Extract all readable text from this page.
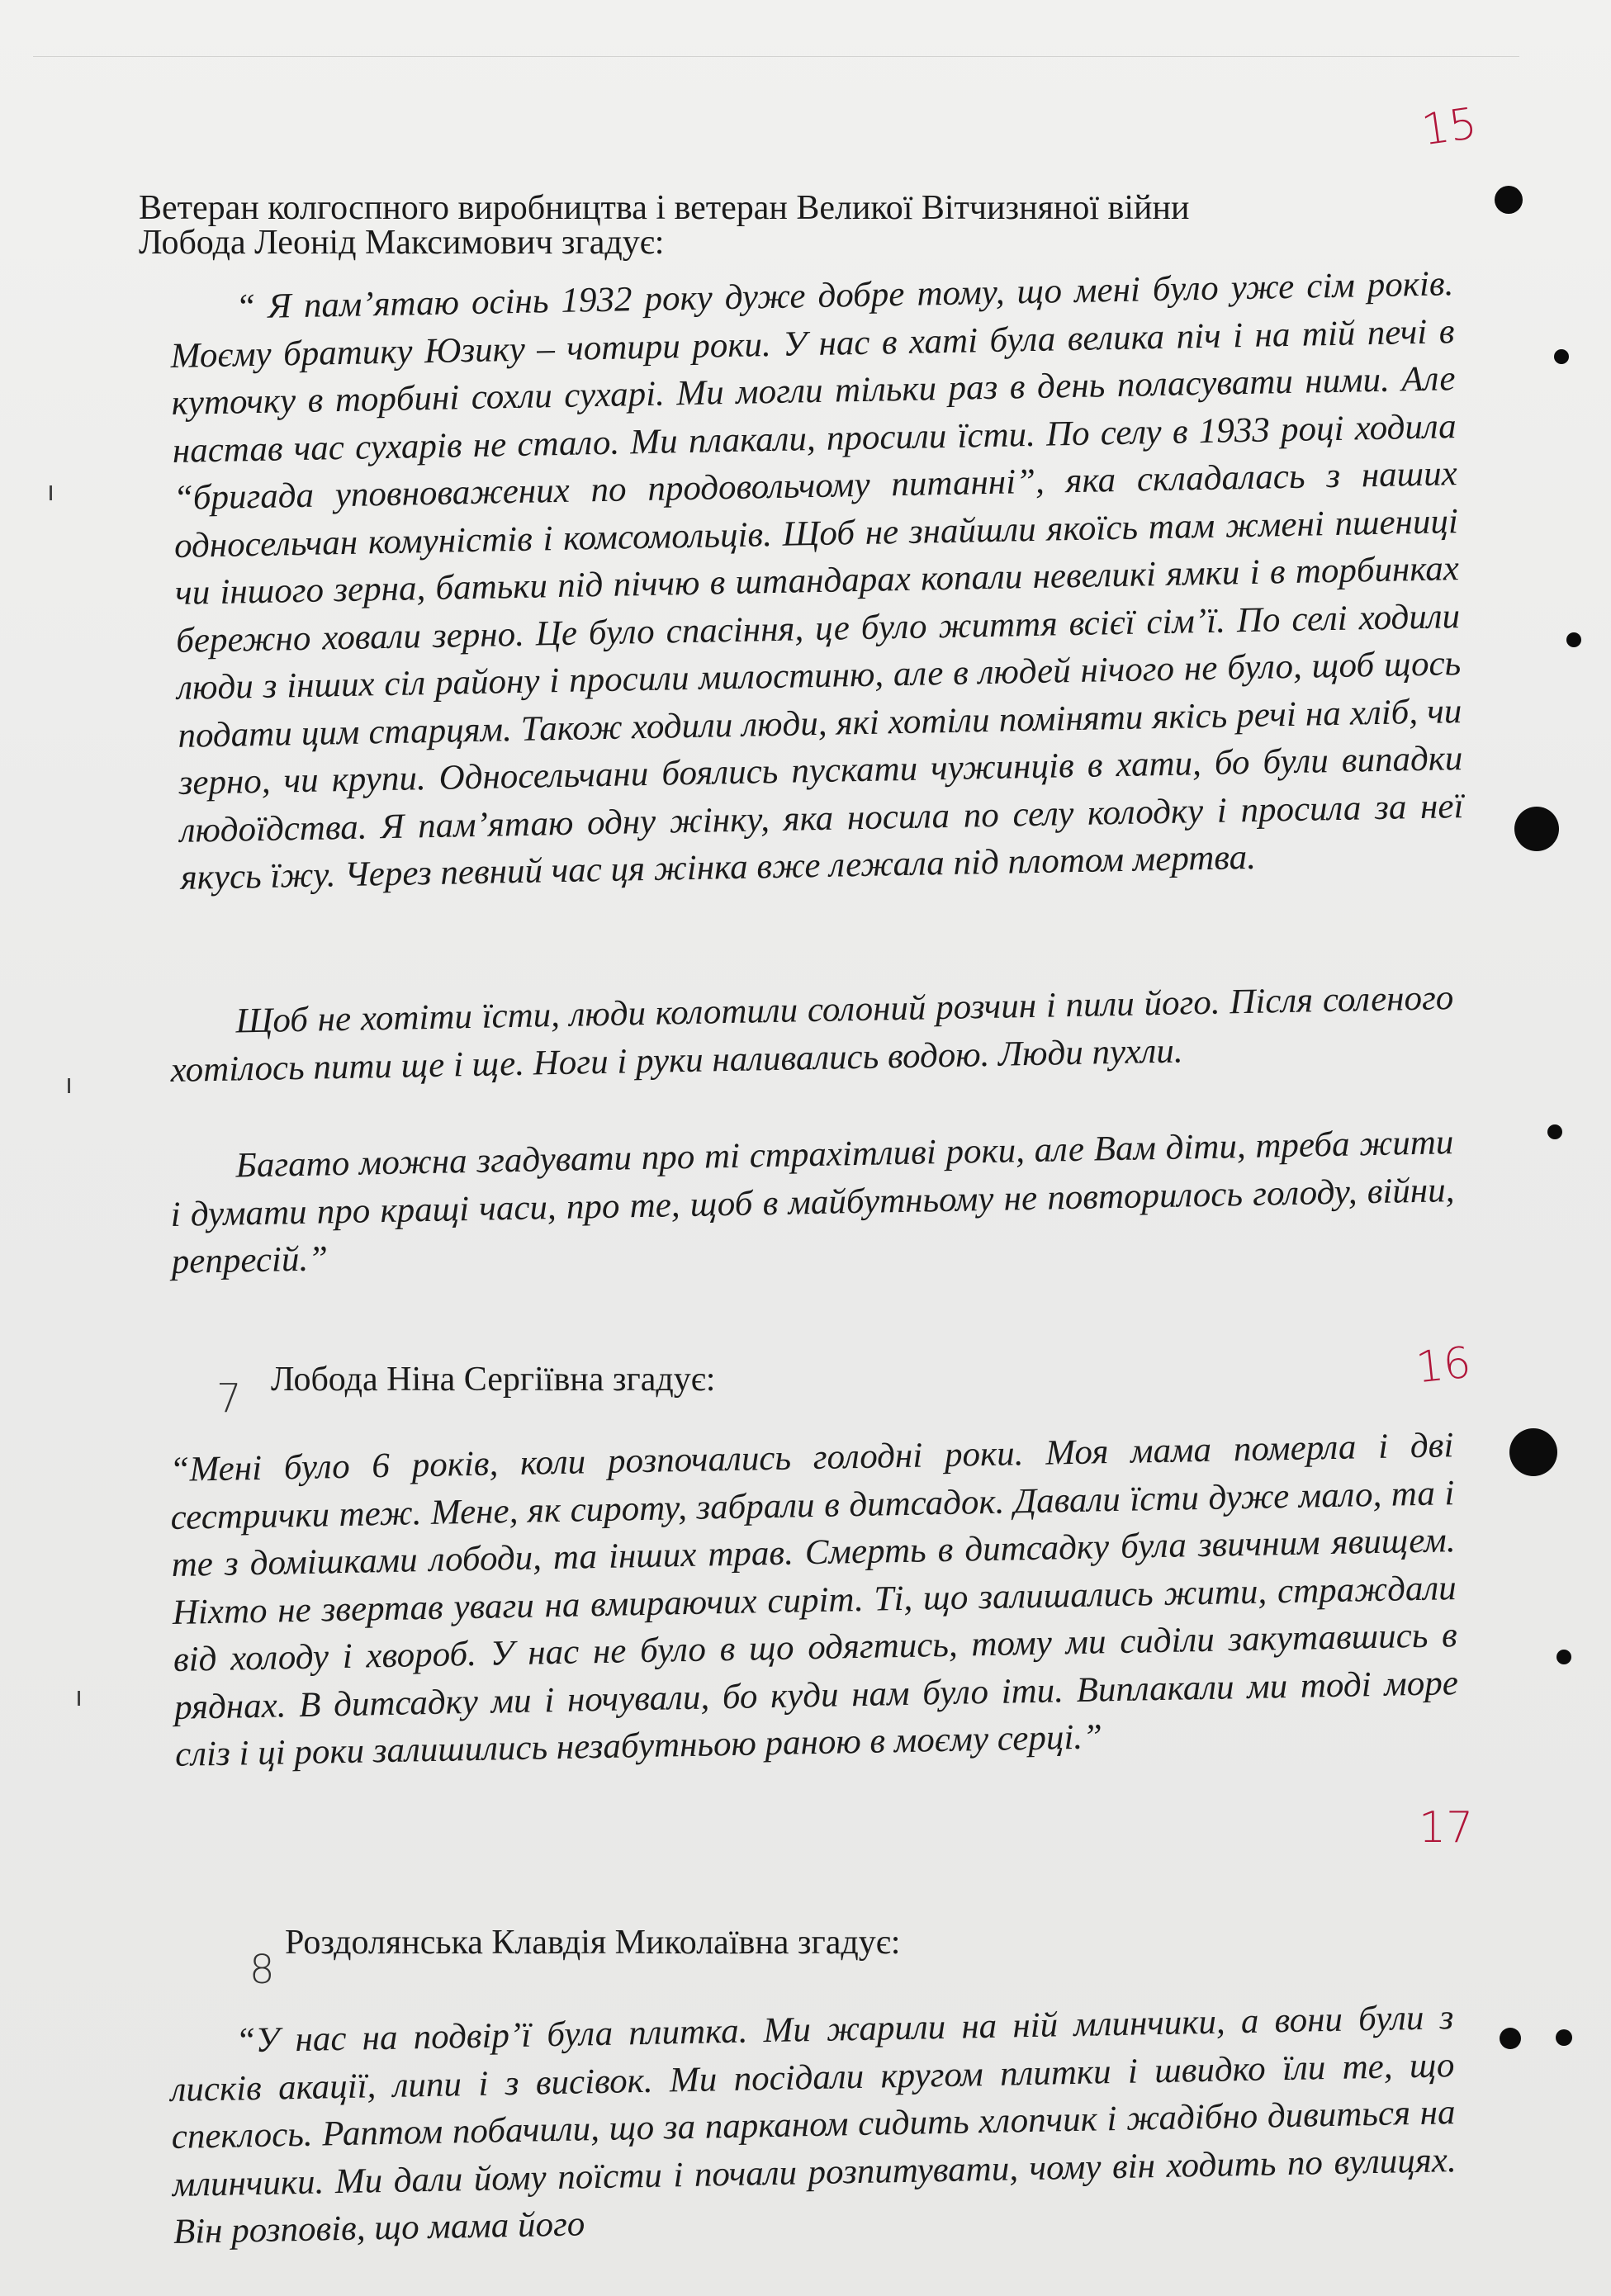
15
16
17
Ветеран колгоспного виробництва і ветеран Великої Вітчизняної війни
Лобода Леонід Максимович згадує:
“ Я пам’ятаю осінь 1932 року дуже добре тому, що мені було уже сім років. Моєму братику Юзику – чотири роки. У нас в хаті була велика піч і на тій печі в куточку в торбині сохли сухарі. Ми могли тільки раз в день поласувати ними. Але настав час сухарів не стало. Ми плакали, просили їсти. По селу в 1933 році ходила “бригада уповноважених по продовольчому питанні”, яка складалась з наших односельчан комуністів і комсомольців. Щоб не знайшли якоїсь там жмені пшениці чи іншого зерна, батьки під піччю в штандарах копали невеликі ямки і в торбинках бережно ховали зерно. Це було спасіння, це було життя всієї сім’ї. По селі ходили люди з інших сіл району і просили милостиню, але в людей нічого не було, щоб щось подати цим старцям. Також ходили люди, які хотіли поміняти якісь речі на хліб, чи зерно, чи крупи. Односельчани боялись пускати чужинців в хати, бо були випадки людоїдства. Я пам’ятаю одну жінку, яка носила по селу колодку і просила за неї якусь їжу. Через певний час ця жінка вже лежала під плотом мертва.
Щоб не хотіти їсти, люди колотили солоний розчин і пили його. Після соленого хотілось пити ще і ще. Ноги і руки наливались водою. Люди пухли.
Багато можна згадувати про ті страхітливі роки, але Вам діти, треба жити і думати про кращі часи, про те, щоб в майбутньому не повторилось голоду, війни, репресій.”
7 Лобода Ніна Сергіївна згадує:
“Мені було 6 років, коли розпочались голодні роки. Моя мама померла і дві сестрички теж. Мене, як сироту, забрали в дитсадок. Давали їсти дуже мало, та і те з домішками лободи, та інших трав. Смерть в дитсадку була звичним явищем. Ніхто не звертав уваги на вмираючих сиріт. Ті, що залишались жити, страждали від холоду і хвороб. У нас не було в що одягтись, тому ми сиділи закутавшись в ряднах. В дитсадку ми і ночували, бо куди нам було іти. Виплакали ми тоді море сліз і ці роки залишились незабутньою раною в моєму серці.”
8
Роздолянська Клавдія Миколаївна згадує:
“У нас на подвір’ї була плитка. Ми жарили на ній млинчики, а вони були з лисків акації, липи і з висівок. Ми посідали кругом плитки і швидко їли те, що спеклось. Раптом побачили, що за парканом сидить хлопчик і жадібно дивиться на млинчики. Ми дали йому поїсти і почали розпитувати, чому він ходить по вулицях. Він розповів, що мама його
